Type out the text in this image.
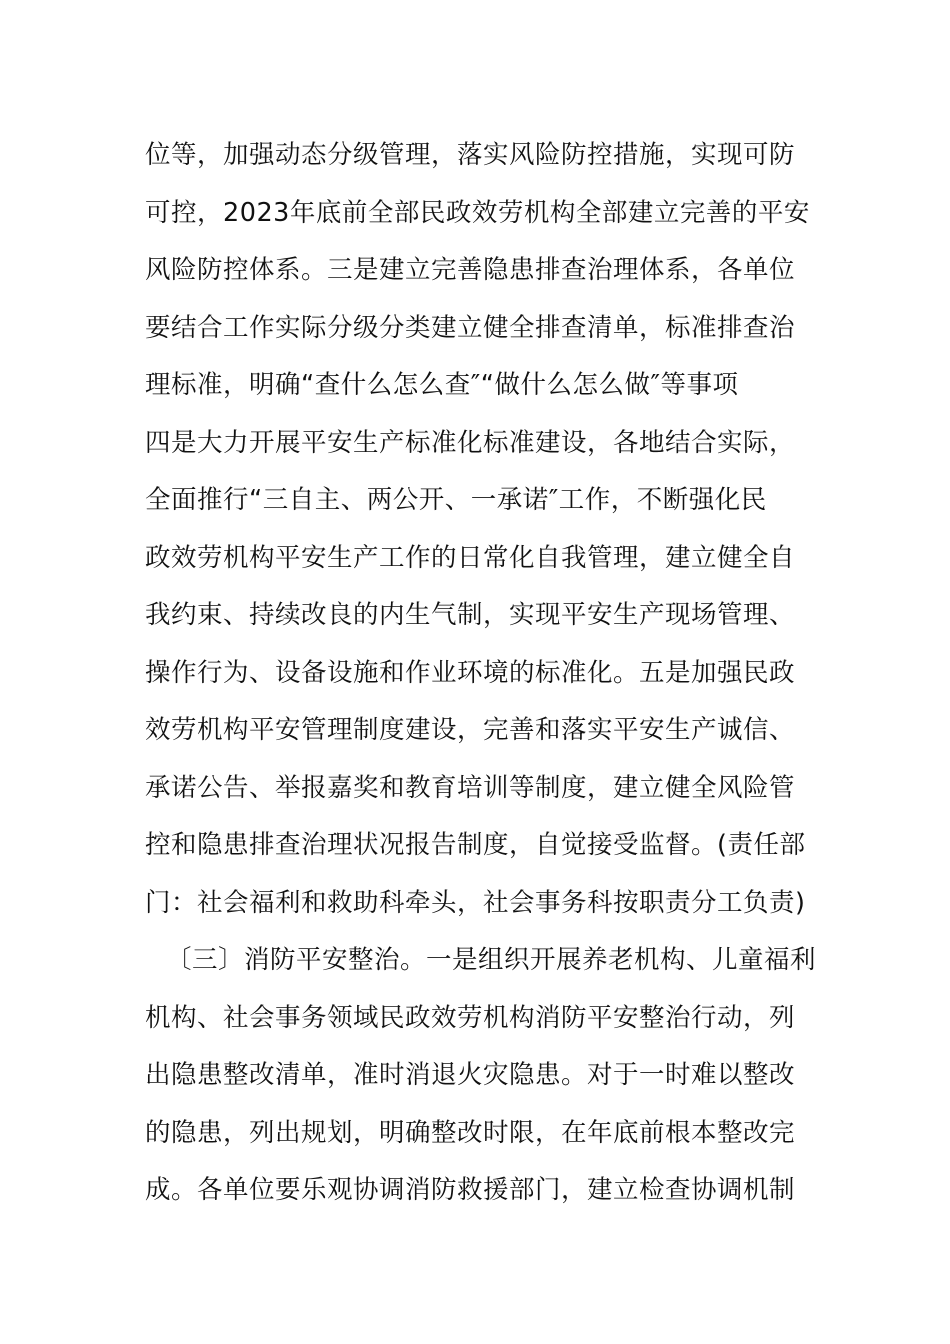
位等，加强动态分级管理，落实风险防控措施，实现可防
可控，2023年底前全部民政效劳机构全部建立完善的平安
风险防控体系。三是建立完善隐患排查治理体系，各单位
要结合工作实际分级分类建立健全排查清单，标准排查治
理标准，明确“查什么怎么查″“做什么怎么做″等事项
四是大力开展平安生产标准化标准建设，各地结合实际，
全面推行“三自主、两公开、一承诺″工作，不断强化民
政效劳机构平安生产工作的日常化自我管理，建立健全自
我约束、持续改良的内生气制，实现平安生产现场管理、
操作行为、设备设施和作业环境的标准化。五是加强民政
效劳机构平安管理制度建设，完善和落实平安生产诚信、
承诺公告、举报嘉奖和教育培训等制度，建立健全风险管
控和隐患排查治理状况报告制度，自觉接受监督。(责任部
门：社会福利和救助科牵头，社会事务科按职责分工负责)
〔三〕消防平安整治。一是组织开展养老机构、儿童福利
机构、社会事务领域民政效劳机构消防平安整治行动，列
出隐患整改清单，准时消退火灾隐患。对于一时难以整改
的隐患，列出规划，明确整改时限，在年底前根本整改完
成。各单位要乐观协调消防救援部门，建立检查协调机制
